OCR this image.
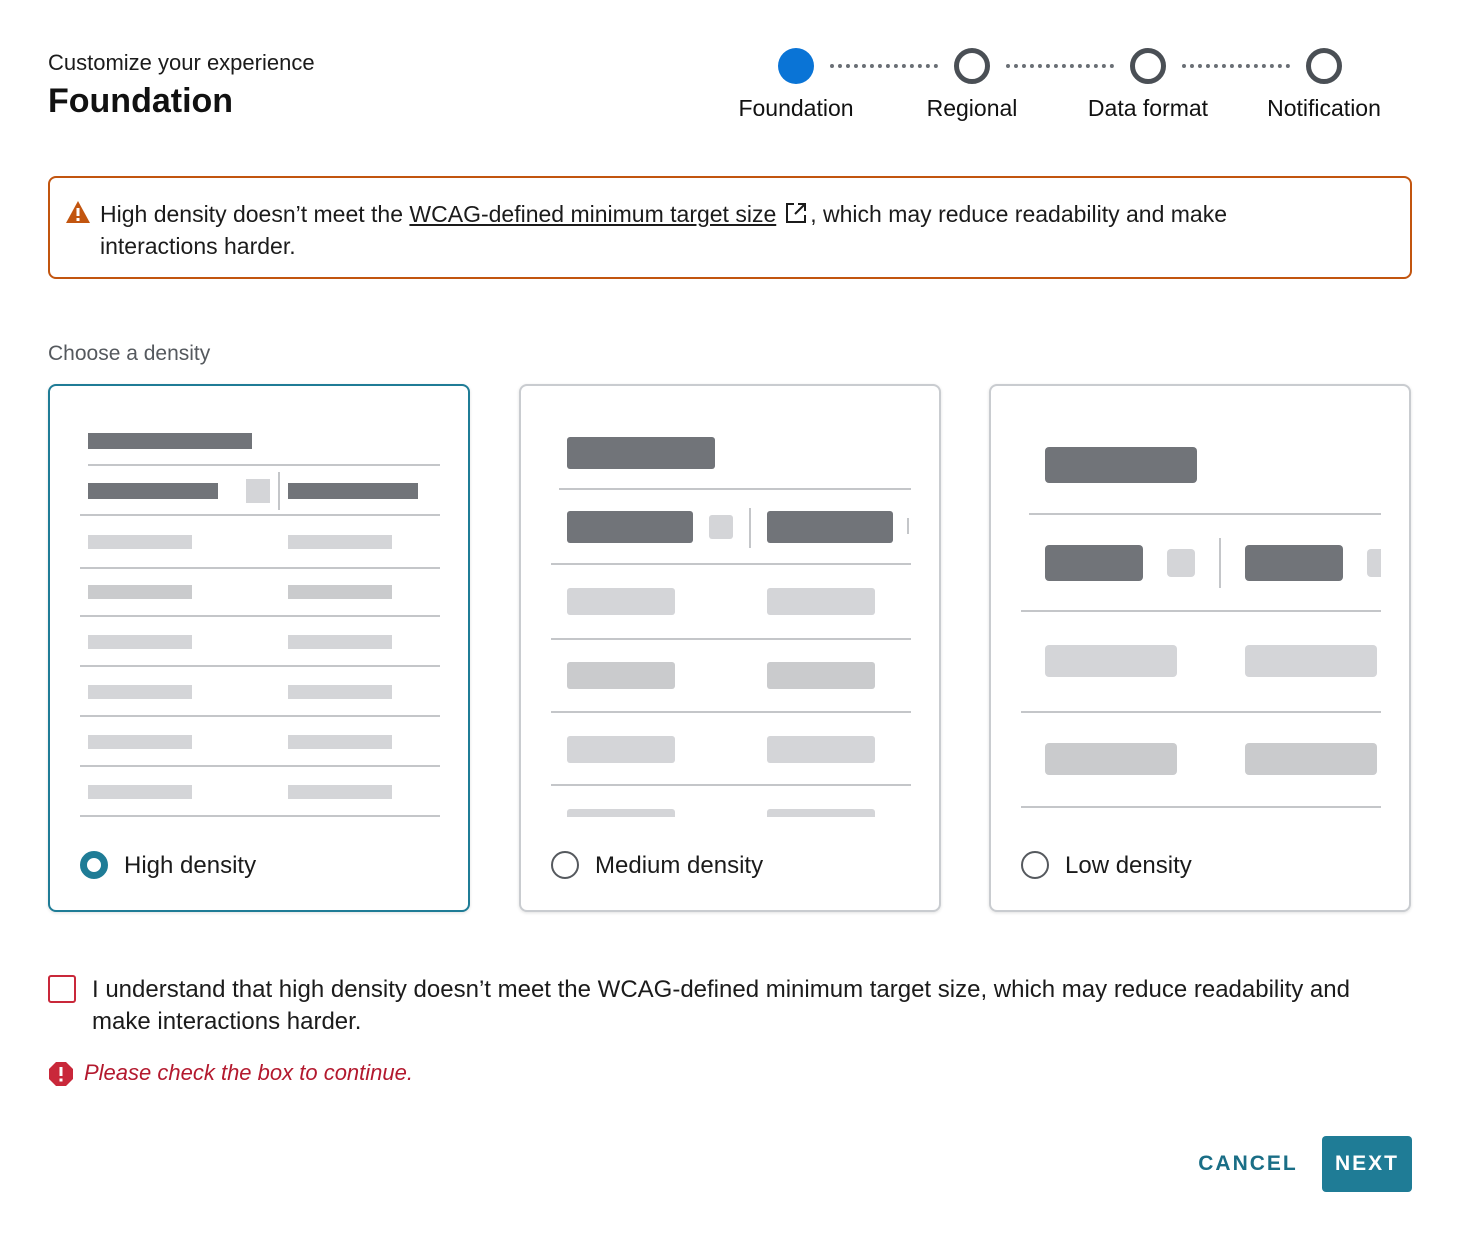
Customize your experience
Foundation	Foundation	Regional	Data format	Notification
High density doesn’t meet the WCAG-defined minimum target size , which may reduce readability and make
interactions harder.
Choose a density
High density	Medium density	Low density
I understand that high density doesn’t meet the WCAG-defined minimum target size, which may reduce readability and make interactions harder.
Please check the box to continue.
CANCEL	NEXT
